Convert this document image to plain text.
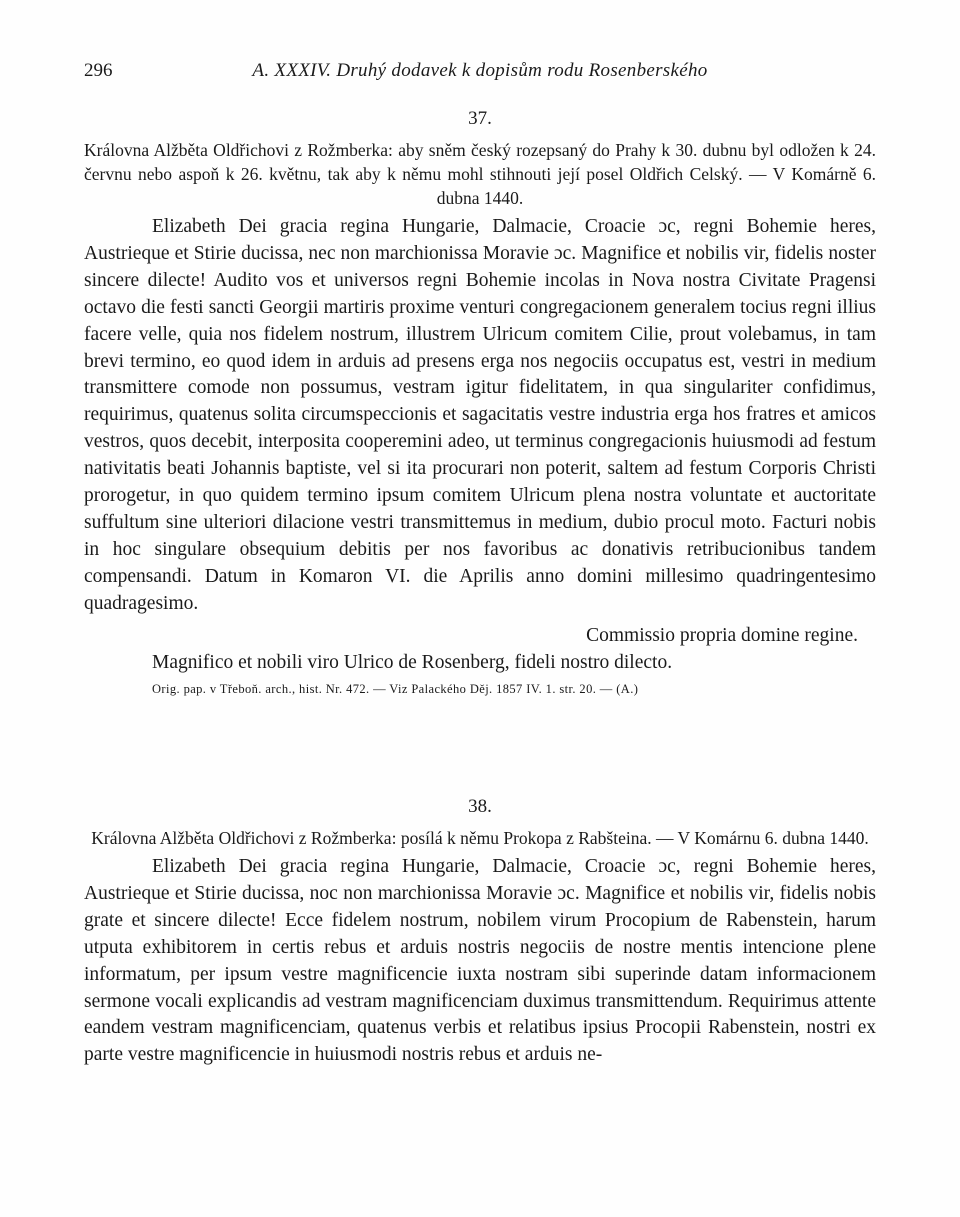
296	A. XXXIV. Druhý dodavek k dopisům rodu Rosenberského
37.

Královna Alžběta Oldřichovi z Rožmberka: aby sněm český rozepsaný do Prahy k 30. dubnu byl odložen k 24. červnu nebo aspoň k 26. květnu, tak aby k němu mohl stihnouti její posel Oldřich Celský. — V Komárně 6. dubna 1440.

Elizabeth Dei gracia regina Hungarie, Dalmacie, Croacie ɔc, regni Bohemie heres, Austrieque et Stirie ducissa, nec non marchionissa Moravie ɔc. Magnifice et nobilis vir, fidelis noster sincere dilecte! Audito vos et universos regni Bohemie incolas in Nova nostra Civitate Pragensi octavo die festi sancti Georgii martiris proxime venturi congregacionem generalem tocius regni illius facere velle, quia nos fidelem nostrum, illustrem Ulricum comitem Cilie, prout volebamus, in tam brevi termino, eo quod idem in arduis ad presens erga nos negociis occupatus est, vestri in medium transmittere comode non possumus, vestram igitur fidelitatem, in qua singulariter confidimus, requirimus, quatenus solita circumspeccionis et sagacitatis vestre industria erga hos fratres et amicos vestros, quos decebit, interposita cooperemini adeo, ut terminus congregacionis huiusmodi ad festum nativitatis beati Johannis baptiste, vel si ita procurari non poterit, saltem ad festum Corporis Christi prorogetur, in quo quidem termino ipsum comitem Ulricum plena nostra voluntate et auctoritate suffultum sine ulteriori dilacione vestri transmittemus in medium, dubio procul moto. Facturi nobis in hoc singulare obsequium debitis per nos favoribus ac donativis retribucionibus tandem compensandi. Datum in Komaron VI. die Aprilis anno domini millesimo quadringentesimo quadragesimo.

Commissio propria domine regine.

Magnifico et nobili viro Ulrico de Rosenberg, fideli nostro dilecto.

Orig. pap. v Třeboň. arch., hist. Nr. 472. — Viz Palackého Děj. 1857 IV. 1. str. 20. — (A.)

38.

Královna Alžběta Oldřichovi z Rožmberka: posílá k němu Prokopa z Rabšteina. — V Komárnu 6. dubna 1440.

Elizabeth Dei gracia regina Hungarie, Dalmacie, Croacie ɔc, regni Bohemie heres, Austrieque et Stirie ducissa, noc non marchionissa Moravie ɔc. Magnifice et nobilis vir, fidelis nobis grate et sincere dilecte! Ecce fidelem nostrum, nobilem virum Procopium de Rabenstein, harum utputa exhibitorem in certis rebus et arduis nostris negociis de nostre mentis intencione plene informatum, per ipsum vestre magnificencie iuxta nostram sibi superinde datam informacionem sermone vocali explicandis ad vestram magnificenciam duximus transmittendum. Requirimus attente eandem vestram magnificenciam, quatenus verbis et relatibus ipsius Procopii Rabenstein, nostri ex parte vestre magnificencie in huiusmodi nostris rebus et arduis ne-
